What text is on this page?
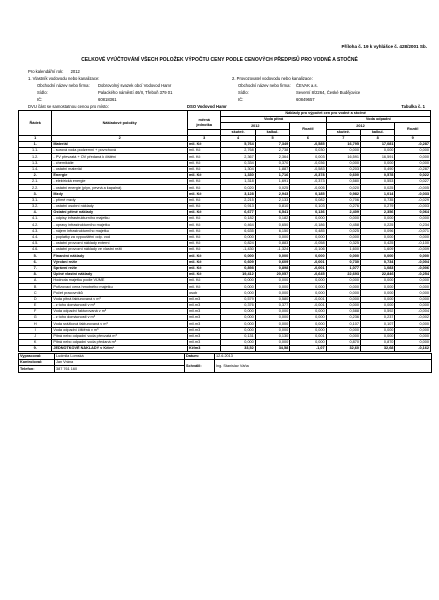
Příloha č. 19 k vyhlášce č. 428/2001 Sb.
CELKOVÉ VYÚČTOVÁNÍ VŠECH POLOŽEK VÝPOČTU CENY PODLE CENOVÝCH PŘEDPISŮ PRO VODNÉ A STOČNÉ
Pro kalendářní rok: 2012
1. Vlastník vodovodu nebo kanalizace:
Obchodní název nebo firma: Dobrovolný svazek obcí Vodovod Hamr
Sídlo:	Palackého náměstí 46/II, Třeboň 379 01
IČ:	60818361
2. Provozovatel vodovodu nebo kanalizace:
Obchodní název nebo firma: ČEVAK a.s.
Sídlo:	Severní 8/2264, České Budějovice
IČ:	60849657
DVU část se samostatnou cenou pro místo:	DSO Vodovod Hamr	Tabulka č. 1
Řádek	Nákladové položky		Náklady pro výpočet cen pro vodné a stočné					
		měrná
jednotka	Voda pitná			Voda odpadní		
			2012		Rozdíl	2012		Rozdíl
			skuteč.	kalkul.		skuteč.	kalkul.	
1	2	3	4	5	6	7	8	9
1.	Materiál	mil. Kč	5,764	7,349	-0,585	16,795	17,081	-0,287
1.1.	- surová voda podzemní + povrchová	mil. Kč	2,768	2,738	0,030	0,000	0,000	0,000
1.2.	- PV převzatá + OV předaná k čištění	mil. Kč	2,367	2,364	0,003	16,591	16,591	0,000
1.3.	- chemikálie	mil. Kč	0,334	0,370	-0,036	0,000	0,000	0,000
1.4.	- ostatní materiál	mil. Kč	1,304	1,887	-0,583	0,203	0,490	-0,287
2.	Energie	mil. Kč	1,330	1,716	-0,378	0,600	0,578	0,022
2.1.	- elektrická energie	mil. Kč	1,318	1,691	-0,373	0,580	0,553	0,027
2.2.	- ostatní energie (plyn, pevná a kapalná)	mil. Kč	0,020	0,025	-0,005	0,020	0,025	-0,005
3.	Mzdy	mil. Kč	3,128	2,943	0,185	0,982	1,014	-0,033
3.1.	- přímé mzdy	mil. Kč	2,215	2,133	0,082	0,706	0,735	-0,029
3.2.	- ostatní osobní náklady	mil. Kč	0,913	0,810	0,103	0,276	0,279	-0,003
4.	Ostatní přímé náklady	mil. Kč	6,677	6,541	0,136	2,409	2,356	0,064
4.1.	- odpisy infrastrukturního majetku	mil. Kč	0,182	0,182	0,000	0,000	0,000	0,000
4.2.	- opravy infrastrukturního majetku	mil. Kč	0,464	0,650	-0,186	0,458	0,225	0,234
4.3.	- nájem infrastrukturního majetku	mil. Kč	6,635	6,150	0,485	0,025	0,096	-0,071
4.4.	- poplatky za vypouštění odp. vod	mil. Kč	0,000	0,000	0,000	0,000	0,000	0,000
4.5.	- ostatní provozní náklady externí	mil. Kč	0,824	0,883	-0,058	0,325	0,425	-0,100
4.6.	- ostatní provozní náklady ve vlastní režii	mil. Kč	-1,430	-1,324	-0,106	1,600	1,609	-0,009
5.	Finanční náklady	mil. Kč	0,000	0,000	0,000	0,000	0,000	0,000
6.	Výrobní režie	mil. Kč	0,609	0,609	-0,001	0,730	0,734	-0,004
7.	Správní režie	mil. Kč	0,898	0,898	-0,001	1,077	1,083	-0,006
8.	Úplné vlastní náklady	mil. Kč	19,412	20,057	-0,645	22,693	22,846	-0,254
A	Hodnota majetku podle VÚME	mil. Kč	0,000	0,000	0,000	0,000	0,000	0,000
B	Pořizovací cena hmotného majetku	mil. Kč	0,000	0,000	0,000	0,000	0,000	0,000
C	Počet pracovníků	osob	0,000	0,000	0,000	0,000	0,000	0,000
D	Voda pitná fakturovaná v m³	mil.m3	0,579	0,580	-0,001	0,000	0,000	0,000
E	- z toho domácnosti v m³	mil.m3	0,376	0,377	-0,001	0,000	0,000	0,000
F	Voda odpadní fakturovaná v m³	mil.m3	0,000	0,000	0,000	0,588	0,592	-0,004
G	- z toho domácnosti v m³	mil.m3	0,000	0,000	0,000	0,236	0,237	-0,002
H	Voda srážková fakturovaná v m³	mil.m3	0,000	0,000	0,000	0,107	0,107	0,000
I	Voda odpadní čištěná v m³	mil.m3	0,000	0,000	0,000	0,000	0,000	0,000
J	Pitná nebo odpadní voda převzatá m³	mil.m3	0,131	0,130	0,001	0,000	0,000	0,000
K	Pitná nebo odpadní voda předaná m³	mil.m3	0,000	0,000	0,000	0,870	0,870	0,000
9.	JEDNOTKOVÉ NÁKLADY v Kč/m³	Kč/m3	33,52	34,58	-1,07	32,60	32,68	-0,162
Vypracoval:	Ludmila Lomská	Datum:	12.6.2013
Kontroloval:	Jan Vrána	Schválil:	Ing. Stanislav Váňa
Telefon:	387 761 160		
